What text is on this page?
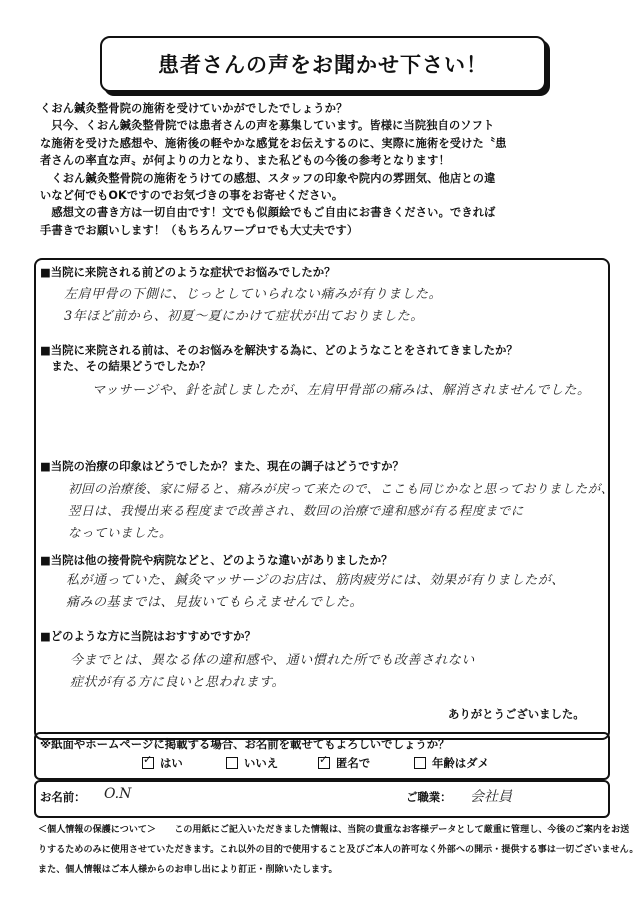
患者さんの声をお聞かせ下さい！

くおん鍼灸整骨院の施術を受けていかがでしたでしょうか？

　只今、くおん鍼灸整骨院では患者さんの声を募集しています。皆様に当院独自のソフト

な施術を受けた感想や、施術後の軽やかな感覚をお伝えするのに、実際に施術を受けた〝患

者さんの率直な声〟が何よりの力となり、また私どもの今後の参考となります！

　くおん鍼灸整骨院の施術をうけての感想、スタッフの印象や院内の雰囲気、他店との違

いなど何でもOKですのでお気づきの事をお寄せください。

　感想文の書き方は一切自由です！文でも似顔絵でもご自由にお書きください。できれば

手書きでお願いします！（もちろんワープロでも大丈夫です）

■当院に来院される前どのような症状でお悩みでしたか？
左肩甲骨の下側に、じっとしていられない痛みが有りました。
3年ほど前から、初夏～夏にかけて症状が出ておりました。
■当院に来院される前は、そのお悩みを解決する為に、どのようなことをされてきましたか？
　また、その結果どうでしたか？
マッサージや、針を試しましたが、左肩甲骨部の痛みは、解消されませんでした。
■当院の治療の印象はどうでしたか？また、現在の調子はどうですか？
初回の治療後、家に帰ると、痛みが戻って来たので、ここも同じかなと思っておりましたが、
翌日は、我慢出来る程度まで改善され、数回の治療で違和感が有る程度までに
なっていました。
■当院は他の接骨院や病院などと、どのような違いがありましたか？
私が通っていた、鍼灸マッサージのお店は、筋肉疲労には、効果が有りましたが、
痛みの基までは、見抜いてもらえませんでした。
■どのような方に当院はおすすめですか？
今までとは、異なる体の違和感や、通い慣れた所でも改善されない
症状が有る方に良いと思われます。
ありがとうございました。
※紙面やホームページに掲載する場合、お名前を載せてもよろしいでしょうか？
✓
はい	いいえ
✓	匿名で	年齢はダメ
お名前： O.N	ご職業： 会社員

＜個人情報の保護について＞　　この用紙にご記入いただきました情報は、当院の貴重なお客様データとして厳重に管理し、今後のご案内をお送

りするためのみに使用させていただきます。これ以外の目的で使用すること及びご本人の許可なく外部への開示・提供する事は一切ございません。

また、個人情報はご本人様からのお申し出により訂正・削除いたします。
